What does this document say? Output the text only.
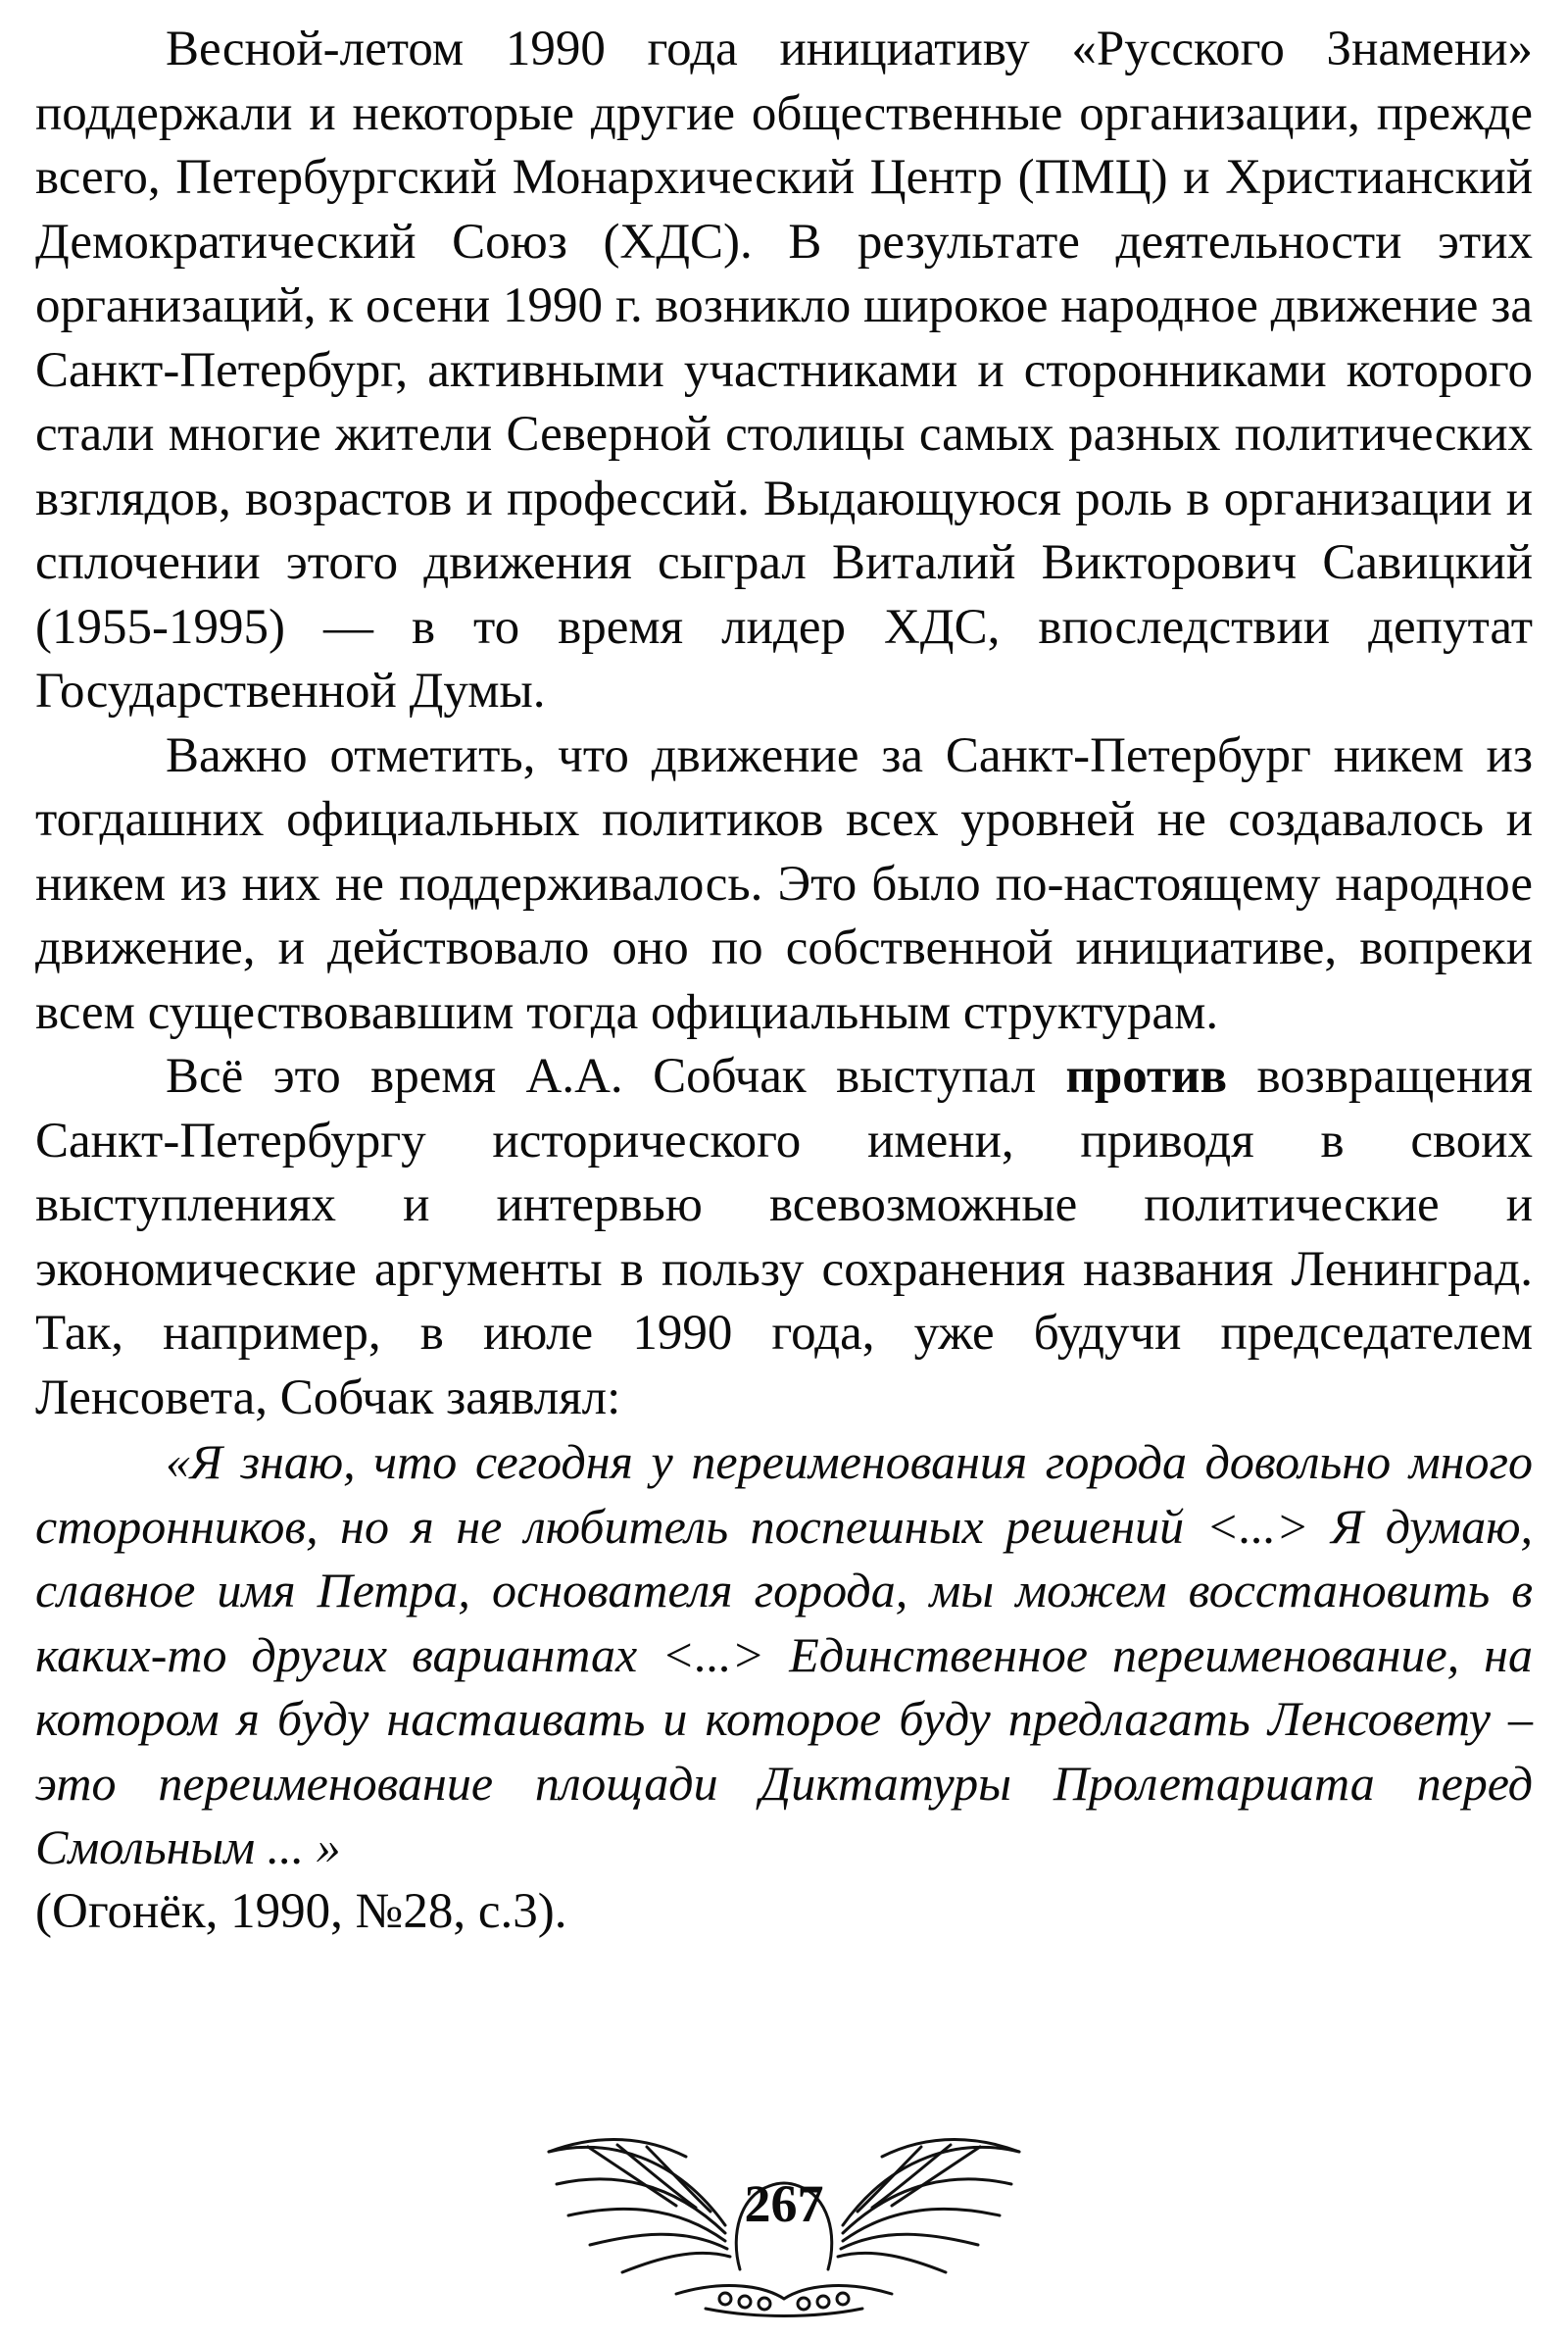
Весной-летом 1990 года инициативу «Русского Знамени» поддержали и некоторые другие общественные организации, прежде всего, Петербургский Монархический Центр (ПМЦ) и Христианский Демократический Союз (ХДС). В результате деятельности этих организаций, к осени 1990 г. возникло широкое народное движение за Санкт-Петербург, активными участниками и сторонниками которого стали многие жители Северной столицы самых разных политических взглядов, возрастов и профессий. Выдающуюся роль в организации и сплочении этого движения сыграл Виталий Викторович Савицкий (1955-1995) — в то время лидер ХДС, впоследствии депутат Государственной Думы.

Важно отметить, что движение за Санкт-Петербург никем из тогдашних официальных политиков всех уровней не создавалось и никем из них не поддерживалось. Это было по-настоящему народное движение, и действовало оно по собственной инициативе, вопреки всем существовавшим тогда официальным структурам.

Всё это время А.А. Собчак выступал против возвращения Санкт-Петербургу исторического имени, приводя в своих выступлениях и интервью всевозможные политические и экономические аргументы в пользу сохранения названия Ленинград. Так, например, в июле 1990 года, уже будучи председателем Ленсовета, Собчак заявлял:

«Я знаю, что сегодня у переименования города довольно много сторонников, но я не любитель поспешных решений <...> Я думаю, славное имя Петра, основателя города, мы можем восстановить в каких-то других вариантах <...> Единственное переименование, на котором я буду настаивать и которое буду предлагать Ленсовету – это переименование площади Диктатуры Пролетариата перед Смольным ... »

(Огонёк, 1990, №28, с.3).

267
